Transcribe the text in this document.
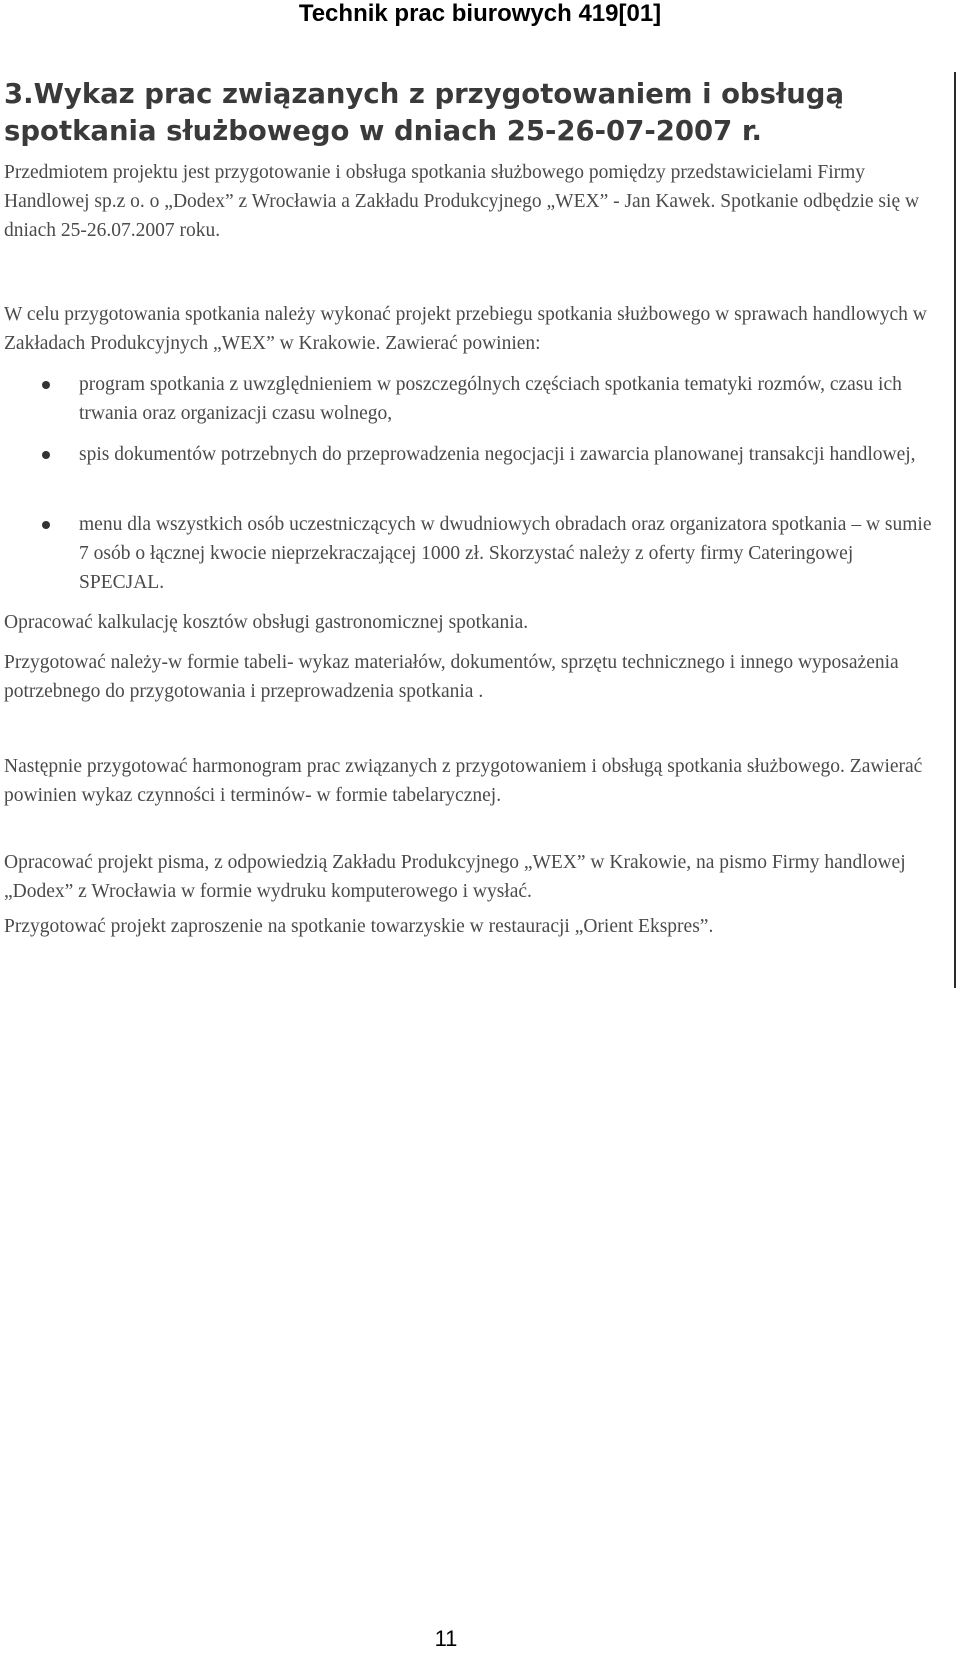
Technik prac biurowych 419[01]
3.Wykaz prac związanych z przygotowaniem i obsługą spotkania służbowego w dniach 25-26-07-2007 r.

Przedmiotem projektu jest przygotowanie i obsługa spotkania służbowego pomiędzy przedstawicielami Firmy Handlowej sp.z o. o „Dodex” z Wrocławia a Zakładu Produkcyjnego „WEX” - Jan Kawek. Spotkanie odbędzie się w dniach 25-26.07.2007 roku.

W celu przygotowania spotkania należy wykonać projekt przebiegu spotkania służbowego w sprawach handlowych w Zakładach Produkcyjnych „WEX” w Krakowie. Zawierać powinien:

program spotkania z uwzględnieniem w poszczególnych częściach spotkania tematyki rozmów, czasu ich trwania oraz organizacji czasu wolnego,
spis dokumentów potrzebnych do przeprowadzenia negocjacji i zawarcia planowanej transakcji handlowej,
menu dla wszystkich osób uczestniczących w dwudniowych obradach oraz organizatora spotkania – w sumie 7 osób o łącznej kwocie nieprzekraczającej 1000 zł. Skorzystać należy z oferty firmy Cateringowej SPECJAL.

Opracować kalkulację kosztów obsługi gastronomicznej spotkania.

Przygotować należy-w formie tabeli- wykaz materiałów, dokumentów, sprzętu technicznego i innego wyposażenia potrzebnego do przygotowania i przeprowadzenia spotkania .

Następnie przygotować harmonogram prac związanych z przygotowaniem i obsługą spotkania służbowego. Zawierać powinien wykaz czynności i terminów- w formie tabelarycznej.

Opracować projekt pisma, z odpowiedzią Zakładu Produkcyjnego „WEX” w Krakowie, na pismo Firmy handlowej „Dodex” z Wrocławia w formie wydruku komputerowego i wysłać.

Przygotować projekt zaproszenie na spotkanie towarzyskie w restauracji „Orient Ekspres”.

11
